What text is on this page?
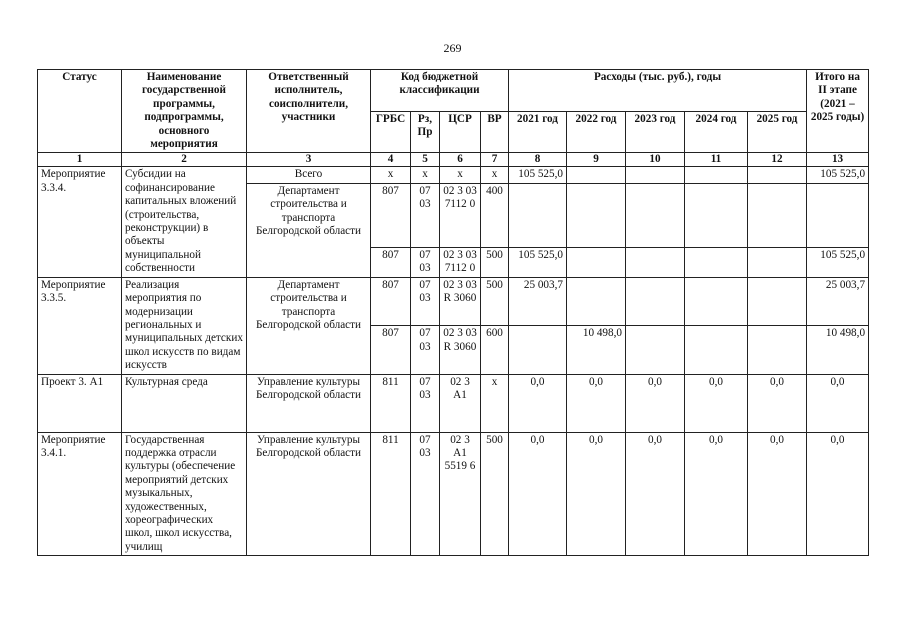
269
Статус	Наименование государственной программы, подпрограммы, основного мероприятия	Ответственный исполнитель, соисполнители, участники	Код бюджетной классификации				Расходы (тыс. руб.), годы					Итого на II этапе (2021 – 2025 годы)
			ГРБС	Рз, Пр	ЦСР	ВР	2021 год	2022 год	2023 год	2024 год	2025 год	
1	2	3	4	5	6	7	8	9	10	11	12	13
Мероприятие 3.3.4.	Субсидии на софинансирование капитальных вложений (строительства, реконструкции) в объекты муниципальной собственности	Всего	х	х	х	х	105 525,0					105 525,0
		Департамент строительства и транспорта Белгородской области	807	07 03	02 3 03 7112 0	400						
			807	07 03	02 3 03 7112 0	500	105 525,0					105 525,0
Мероприятие 3.3.5.	Реализация мероприятия по модернизации региональных и муниципальных детских школ искусств по видам искусств	Департамент строительства и транспорта Белгородской области	807	07 03	02 3 03 R 3060	500	25 003,7					25 003,7
			807	07 03	02 3 03 R 3060	600		10 498,0				10 498,0
Проект 3. А1	Культурная среда	Управление культуры Белгородской области	811	07 03	02 3 А1	х	0,0	0,0	0,0	0,0	0,0	0,0
Мероприятие 3.4.1.	Государственная поддержка отрасли культуры (обеспечение мероприятий детских музыкальных, художественных, хореографических школ, школ искусства, училищ	Управление культуры Белгородской области	811	07 03	02 3 А1 5519 6	500	0,0	0,0	0,0	0,0	0,0	0,0
